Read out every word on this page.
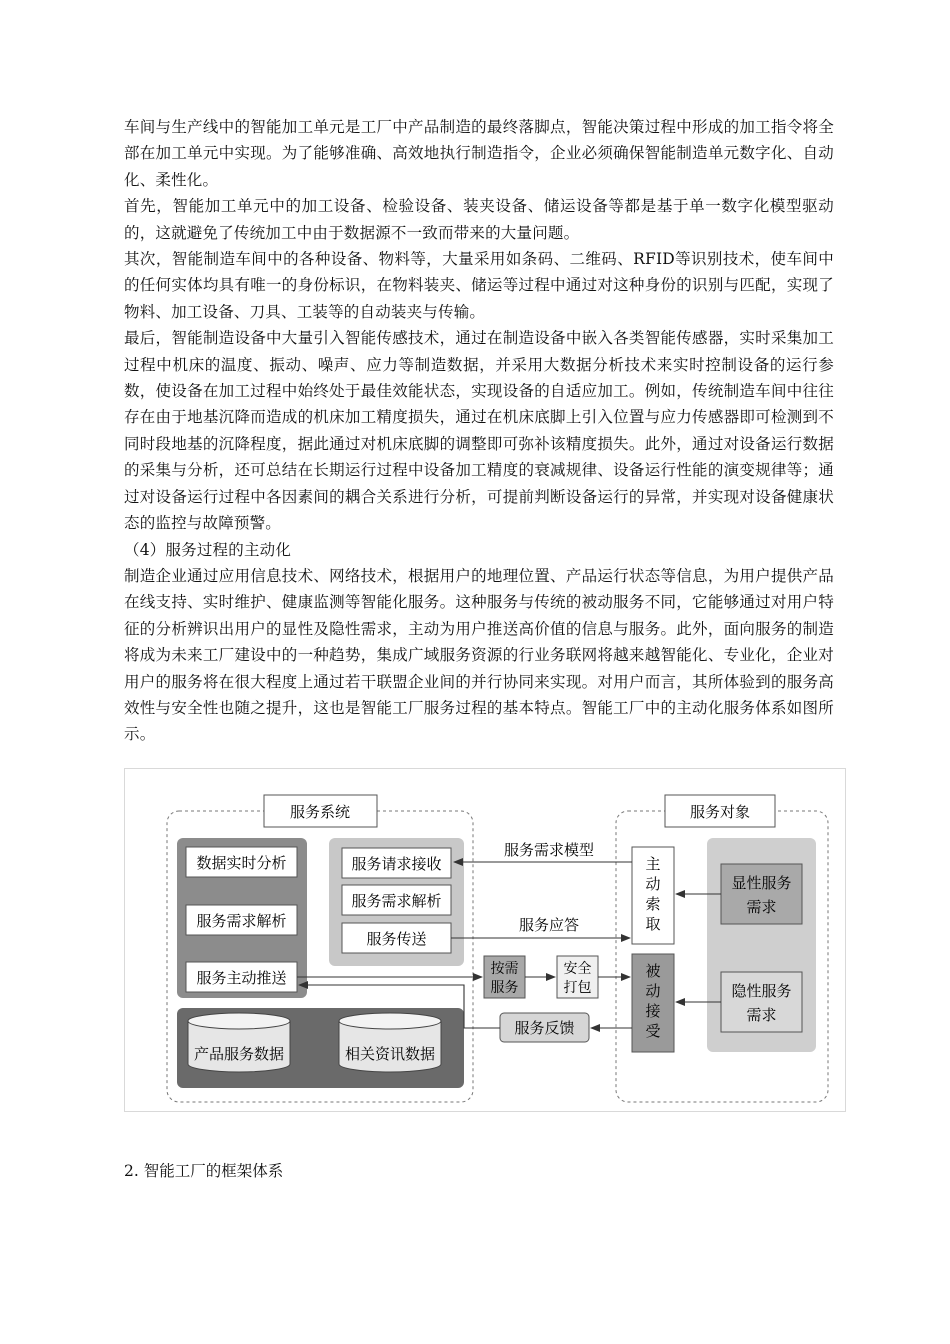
车间与生产线中的智能加工单元是工厂中产品制造的最终落脚点，智能决策过程中形成的加工指令将全部在加工单元中实现。为了能够准确、高效地执行制造指令，企业必须确保智能制造单元数字化、自动化、柔性化。

首先，智能加工单元中的加工设备、检验设备、装夹设备、储运设备等都是基于单一数字化模型驱动的，这就避免了传统加工中由于数据源不一致而带来的大量问题。

其次，智能制造车间中的各种设备、物料等，大量采用如条码、二维码、RFID等识别技术，使车间中的任何实体均具有唯一的身份标识，在物料装夹、储运等过程中通过对这种身份的识别与匹配，实现了物料、加工设备、刀具、工装等的自动装夹与传输。

最后，智能制造设备中大量引入智能传感技术，通过在制造设备中嵌入各类智能传感器，实时采集加工过程中机床的温度、振动、噪声、应力等制造数据，并采用大数据分析技术来实时控制设备的运行参数，使设备在加工过程中始终处于最佳效能状态，实现设备的自适应加工。例如，传统制造车间中往往存在由于地基沉降而造成的机床加工精度损失，通过在机床底脚上引入位置与应力传感器即可检测到不同时段地基的沉降程度，据此通过对机床底脚的调整即可弥补该精度损失。此外，通过对设备运行数据的采集与分析，还可总结在长期运行过程中设备加工精度的衰减规律、设备运行性能的演变规律等；通过对设备运行过程中各因素间的耦合关系进行分析，可提前判断设备运行的异常，并实现对设备健康状态的监控与故障预警。

（4）服务过程的主动化

制造企业通过应用信息技术、网络技术，根据用户的地理位置、产品运行状态等信息，为用户提供产品在线支持、实时维护、健康监测等智能化服务。这种服务与传统的被动服务不同，它能够通过对用户特征的分析辨识出用户的显性及隐性需求，主动为用户推送高价值的信息与服务。此外，面向服务的制造将成为未来工厂建设中的一种趋势，集成广域服务资源的行业务联网将越来越智能化、专业化，企业对用户的服务将在很大程度上通过若干联盟企业间的并行协同来实现。对用户而言，其所体验到的服务高效性与安全性也随之提升，这也是智能工厂服务过程的基本特点。智能工厂中的主动化服务体系如图所示。

服务系统	服务对象
数据实时分析
服务需求解析
服务主动推送
服务请求接收
服务需求解析
服务传送
产品服务数据	相关资讯数据
按需
服务
安全
打包
服务反馈
主
动
索
取
被
动
接
受
显性服务
需求
隐性服务
需求
服务需求模型
服务应答
2. 智能工厂的框架体系
